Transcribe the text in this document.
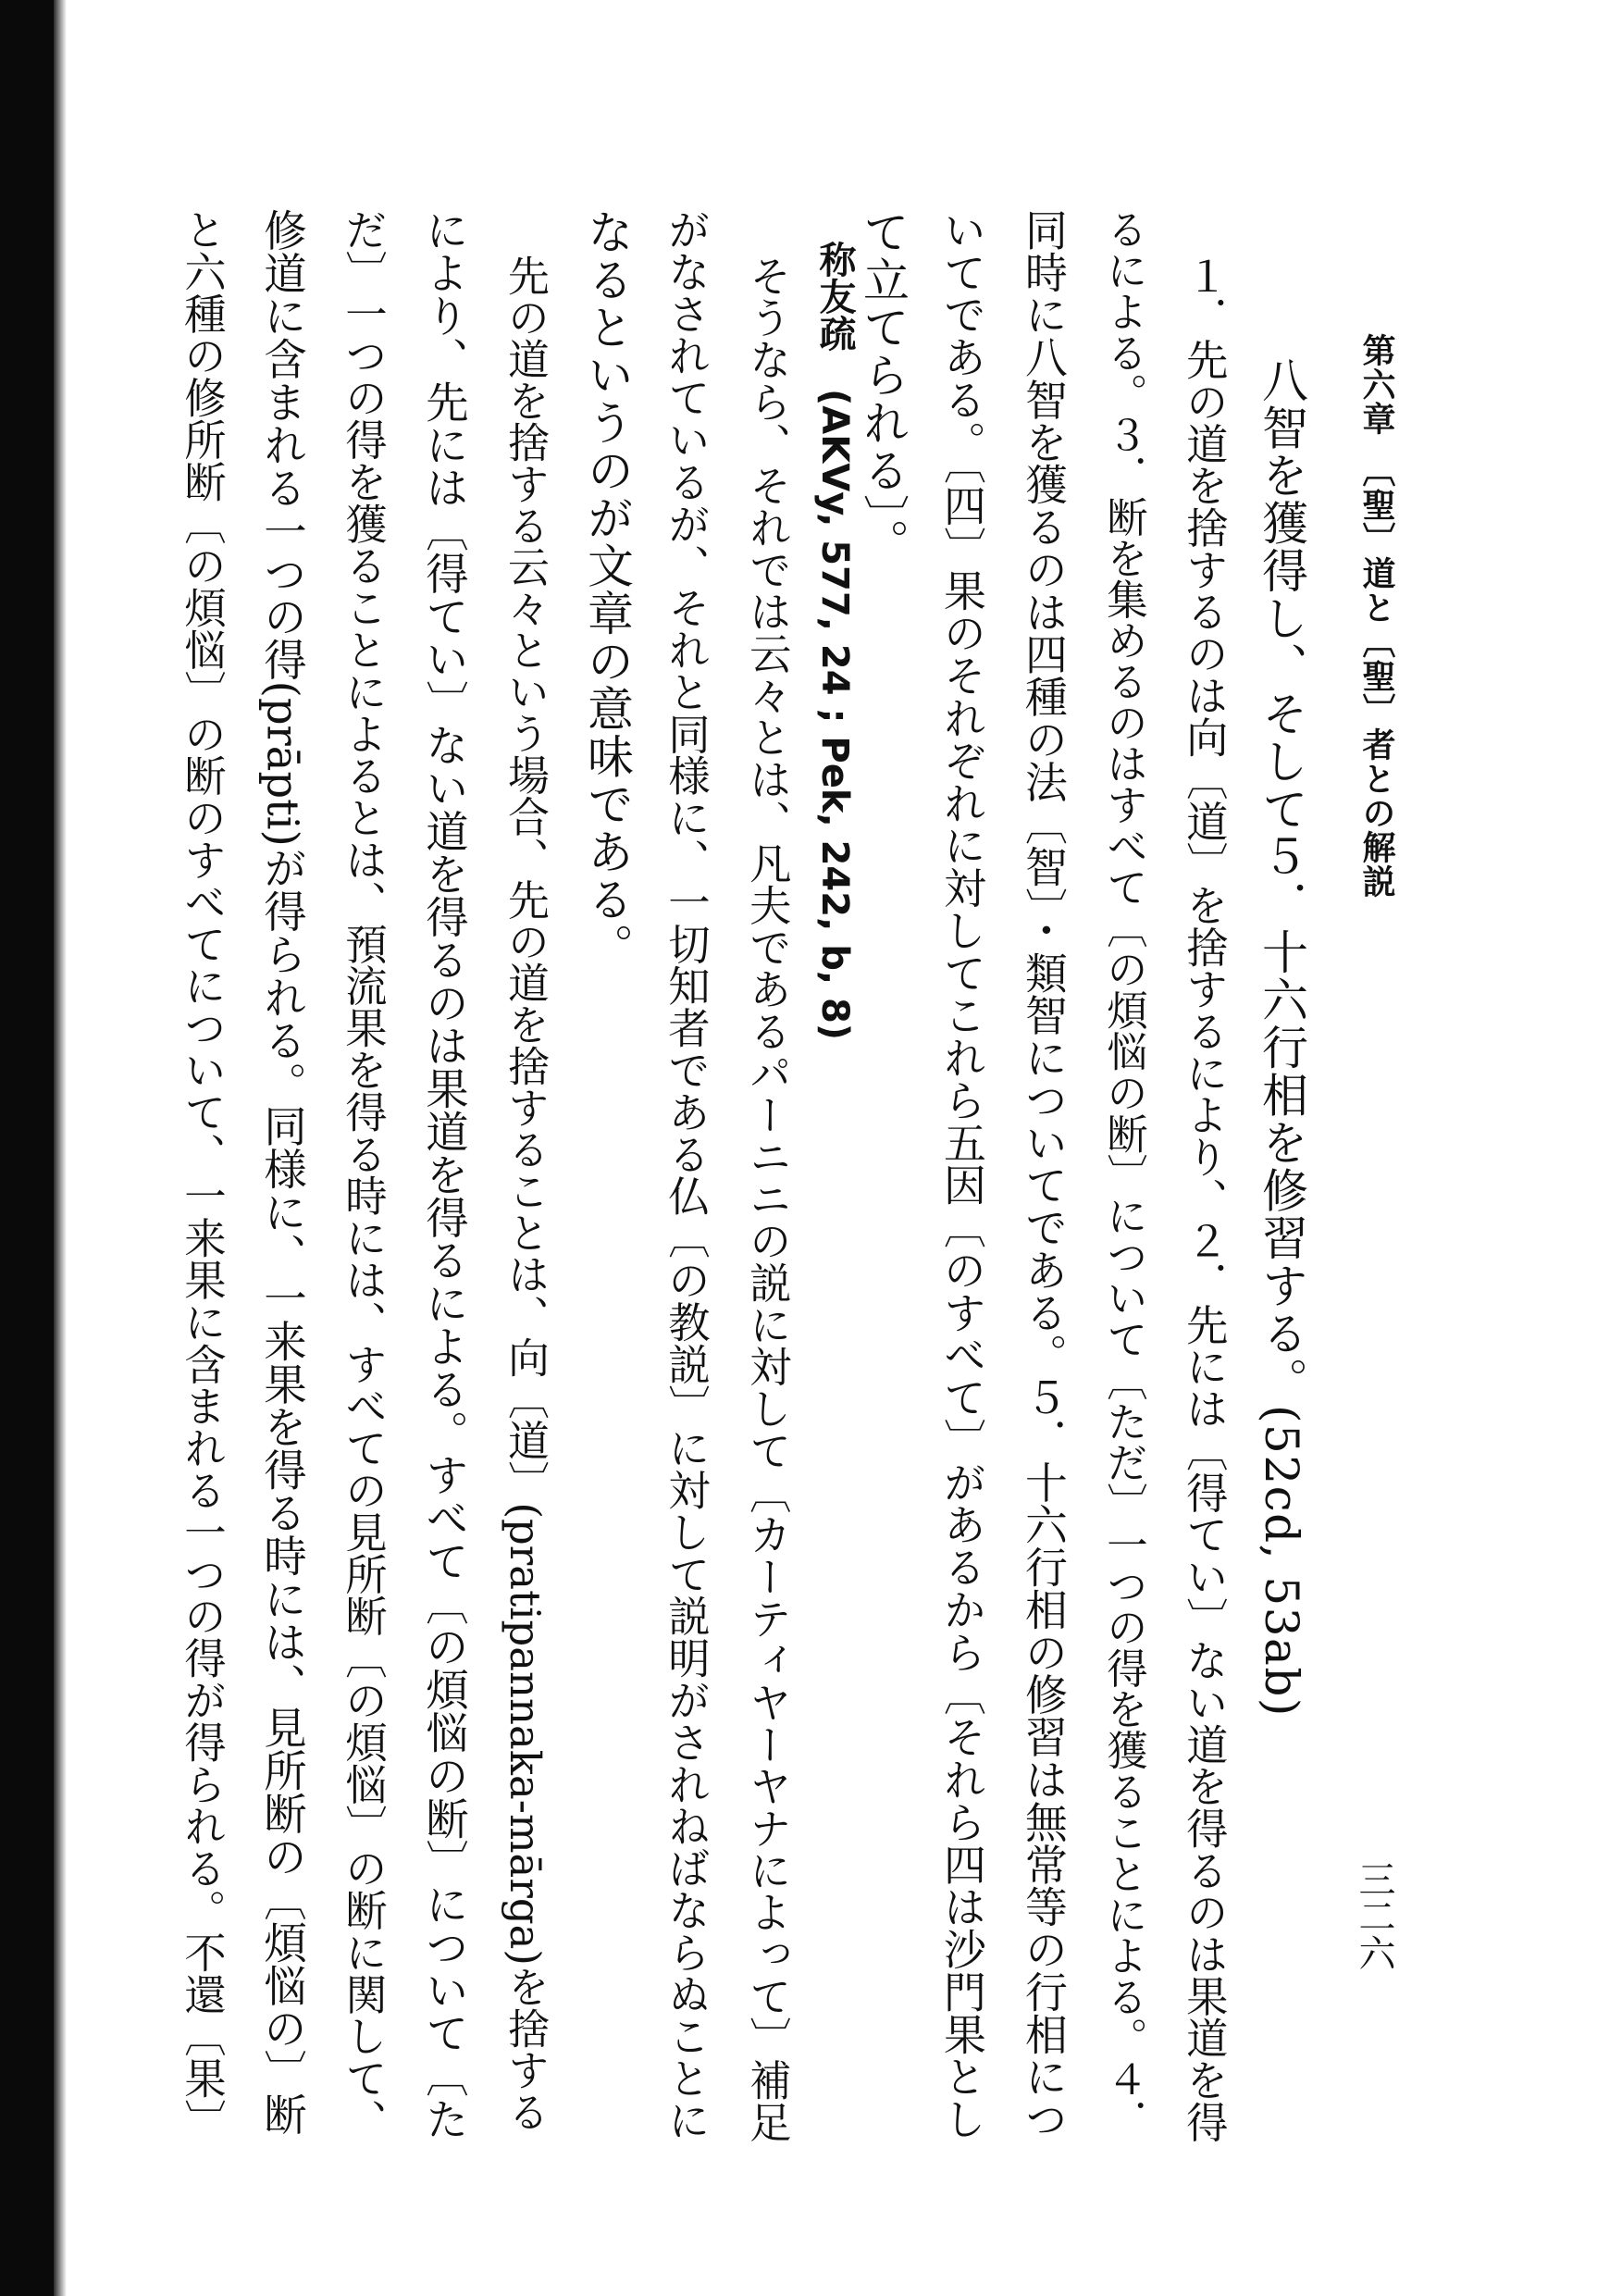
第六章　〔聖〕道と〔聖〕者との解説
三二六
八智を獲得し、そして５．十六行相を修習する。(52cd, 53ab)
１．先の道を捨するのは向〔道〕を捨するにより、２．先には〔得てい〕ない道を得るのは果道を得
るによる。３．断を集めるのはすべて〔の煩悩の断〕について〔ただ〕一つの得を獲ることによる。４．
同時に八智を獲るのは四種の法〔智〕・類智についてである。５．十六行相の修習は無常等の行相につ
いてである。〔四〕果のそれぞれに対してこれら五因〔のすべて〕があるから〔それら四は沙門果とし
て立てられる〕。
称友疏　(AKVy, 577, 24 ; Pek, 242, b, 8)
そうなら、それでは云々とは、凡夫であるパーニニの説に対して〔カーティヤーヤナによって〕補足
がなされているが、それと同様に、一切知者である仏〔の教説〕に対して説明がされねばならぬことに
なるというのが文章の意味である。
先の道を捨する云々という場合、先の道を捨することは、向〔道〕(pratipannaka-mārga)を捨する
により、先には〔得てい〕ない道を得るのは果道を得るによる。すべて〔の煩悩の断〕について〔た
だ〕一つの得を獲ることによるとは、預流果を得る時には、すべての見所断〔の煩悩〕の断に関して、
修道に含まれる一つの得(prāpti)が得られる。同様に、一来果を得る時には、見所断の〔煩悩の〕断
と六種の修所断〔の煩悩〕の断のすべてについて、一来果に含まれる一つの得が得られる。不還〔果〕
